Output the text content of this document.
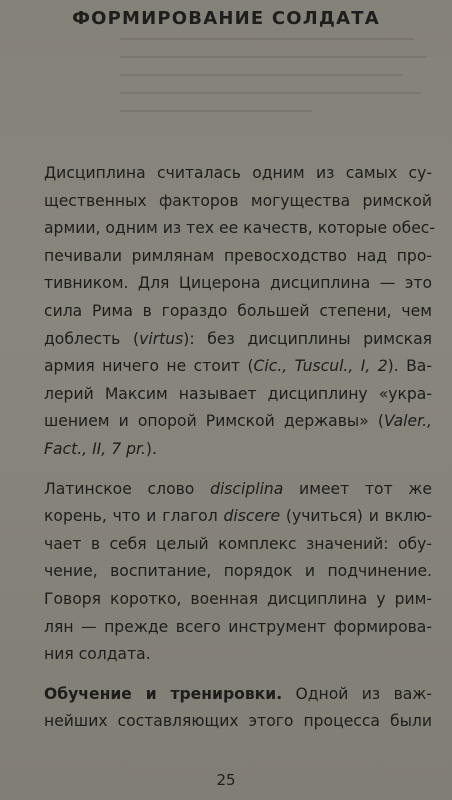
ФОРМИРОВАНИЕ СОЛДАТА
Дисциплина считалась одним из самых су-
щественных факторов могущества римской
армии, одним из тех ее качеств, которые обес-
печивали римлянам превосходство над про-
тивником. Для Цицерона дисциплина — это
сила Рима в гораздо большей степени, чем
доблесть (virtus): без дисциплины римская
армия ничего не стоит (Cic., Tuscul., I, 2). Ва-
лерий Максим называет дисциплину «укра-
шением и опорой Римской державы» (Valer.,
Fact., II, 7 pr.).
Латинское слово disciplina имеет тот же
корень, что и глагол discere (учиться) и вклю-
чает в себя целый комплекс значений: обу-
чение, воспитание, порядок и подчинение.
Говоря коротко, военная дисциплина у рим-
лян — прежде всего инструмент формирова-
ния солдата.
Обучение и тренировки. Одной из важ-
нейших составляющих этого процесса были
25
